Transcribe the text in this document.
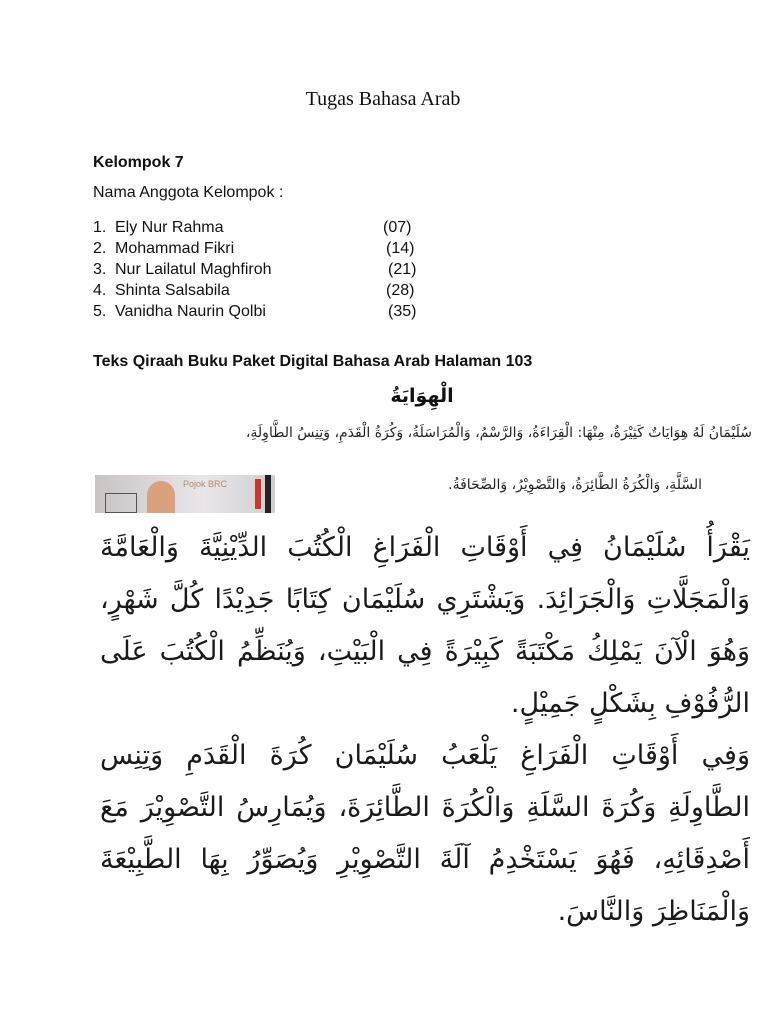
Tugas Bahasa Arab
Kelompok 7
Nama Anggota Kelompok :
1. Ely Nur Rahma	(07)
2. Mohammad Fikri	(14)
3. Nur Lailatul Maghfiroh	(21)
4. Shinta Salsabila	(28)
5. Vanidha Naurin Qolbi	(35)
Teks Qiraah Buku Paket Digital Bahasa Arab Halaman 103
الْهِوَايَةُ
سُلَيْمَانُ لَهُ هِوَايَاتٌ كَثِيْرَةٌ، مِنْهَا: الْقِرَاءَةُ، وَالرَّسْمُ، وَالْمُرَاسَلَةُ، وَكُرَةُ الْقَدَمِ، وَتِنِسُ الطَّاوِلَةِ،
السَّلَّةِ، وَالْكُرَةُ الطَّائِرَةُ، وَالتَّصْوِيْرُ، وَالصِّحَافَةُ.
Pojok BRC
يَقْرَأُ سُلَيْمَانُ فِي أَوْقَاتِ الْفَرَاغِ الْكُتُبَ الدِّيْنِيَّةَ وَالْعَامَّةَ
وَالْمَجَلَّاتِ وَالْجَرَائِدَ. وَيَشْتَرِي سُلَيْمَان كِتَابًا جَدِيْدًا كُلَّ شَهْرٍ،
وَهُوَ الْآنَ يَمْلِكُ مَكْتَبَةً كَبِيْرَةً فِي الْبَيْتِ، وَيُنَظِّمُ الْكُتُبَ عَلَى
الرُّفُوْفِ بِشَكْلٍ جَمِيْلٍ.
وَفِي أَوْقَاتِ الْفَرَاغِ يَلْعَبُ سُلَيْمَان كُرَةَ الْقَدَمِ وَتِنِس
الطَّاوِلَةِ وَكُرَةَ السَّلَةِ وَالْكُرَةَ الطَّائِرَةَ، وَيُمَارِسُ التَّصْوِيْرَ مَعَ
أَصْدِقَائِهِ، فَهُوَ يَسْتَخْدِمُ آلَةَ التَّصْوِيْرِ وَيُصَوِّرُ بِهَا الطَّبِيْعَةَ
وَالْمَنَاظِرَ وَالنَّاسَ.
